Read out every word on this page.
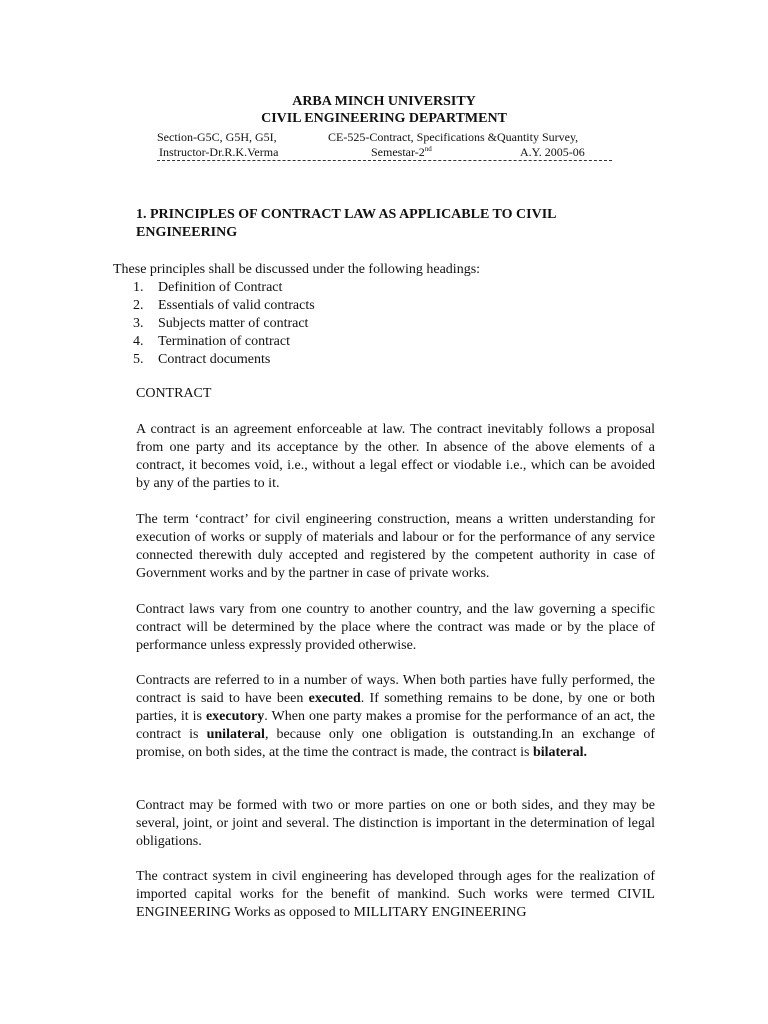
ARBA MINCH UNIVERSITY
CIVIL ENGINEERING DEPARTMENT
Section-G5C, G5H, G5I,	CE-525-Contract, Specifications &Quantity Survey,
Instructor-Dr.R.K.Verma	Semestar-2nd	A.Y. 2005-06
1. PRINCIPLES OF CONTRACT LAW AS APPLICABLE TO CIVIL ENGINEERING
These principles shall be discussed under the following headings:
1. Definition of Contract
2. Essentials of valid contracts
3. Subjects matter of contract
4. Termination of contract
5. Contract documents
CONTRACT

A contract is an agreement enforceable at law. The contract inevitably follows a proposal from one party and its acceptance by the other. In absence of the above elements of a contract, it becomes void, i.e., without a legal effect or viodable i.e., which can be avoided by any of the parties to it.

The term ‘contract’ for civil engineering construction, means a written understanding for execution of works or supply of materials and labour or for the performance of any service connected therewith duly accepted and registered by the competent authority in case of Government works and by the partner in case of private works.

Contract laws vary from one country to another country, and the law governing a specific contract will be determined by the place where the contract was made or by the place of performance unless expressly provided otherwise.

Contracts are referred to in a number of ways. When both parties have fully performed, the contract is said to have been executed. If something remains to be done, by one or both parties, it is executory. When one party makes a promise for the performance of an act, the contract is unilateral, because only one obligation is outstanding.In an exchange of promise, on both sides, at the time the contract is made, the contract is bilateral.

Contract may be formed with two or more parties on one or both sides, and they may be several, joint, or joint and several. The distinction is important in the determination of legal obligations.

The contract system in civil engineering has developed through ages for the realization of imported capital works for the benefit of mankind. Such works were termed CIVIL ENGINEERING Works as opposed to MILLITARY ENGINEERING
